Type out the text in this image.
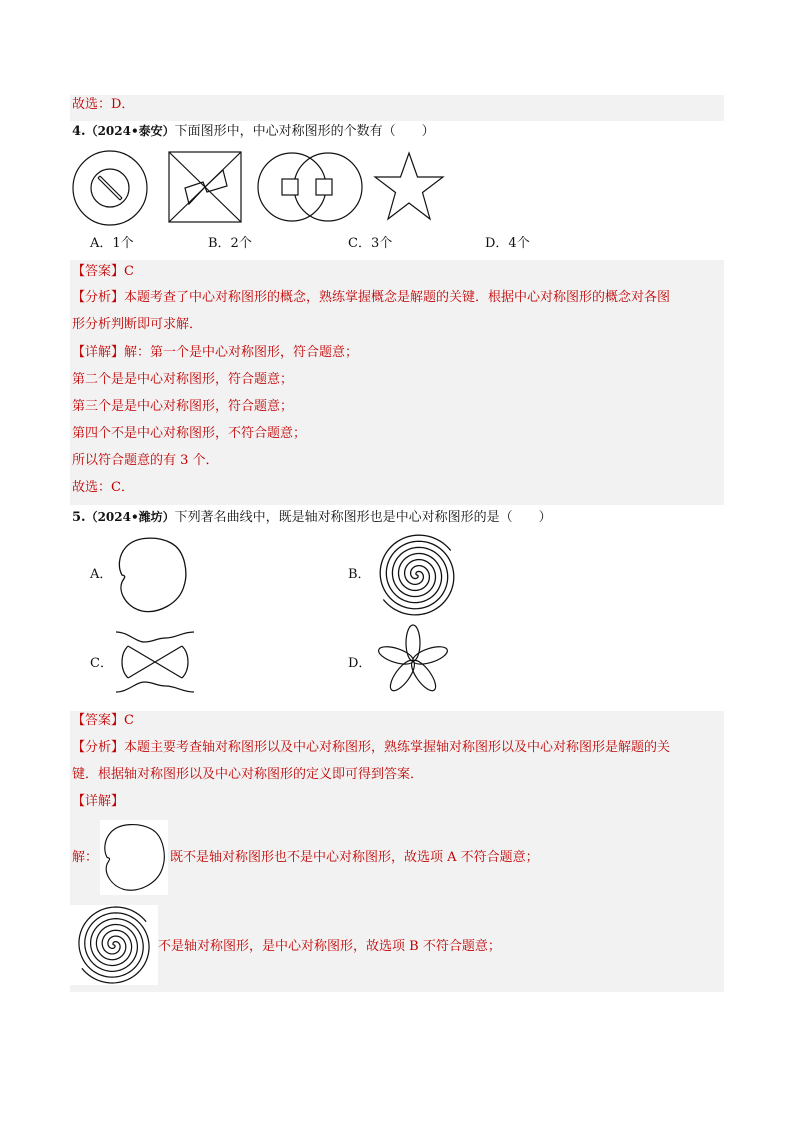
故选：D．
4.（2024•泰安）下面图形中，中心对称图形的个数有（　　）
A．1个	B．2个	C．3个	D．4个
【答案】C
【分析】本题考查了中心对称图形的概念，熟练掌握概念是解题的关键．根据中心对称图形的概念对各图
形分析判断即可求解．
【详解】解：第一个是中心对称图形，符合题意；
第二个是是中心对称图形，符合题意；
第三个是是中心对称图形，符合题意；
第四个不是中心对称图形，不符合题意；
所以符合题意的有 3 个．
故选：C．
5.（2024•潍坊）下列著名曲线中，既是轴对称图形也是中心对称图形的是（　　）
A．	B．
C．	D．
【答案】C
【分析】本题主要考查轴对称图形以及中心对称图形，熟练掌握轴对称图形以及中心对称图形是解题的关
键．根据轴对称图形以及中心对称图形的定义即可得到答案．
【详解】
解：	既不是轴对称图形也不是中心对称图形，故选项 A 不符合题意；
不是轴对称图形，是中心对称图形，故选项 B 不符合题意；
